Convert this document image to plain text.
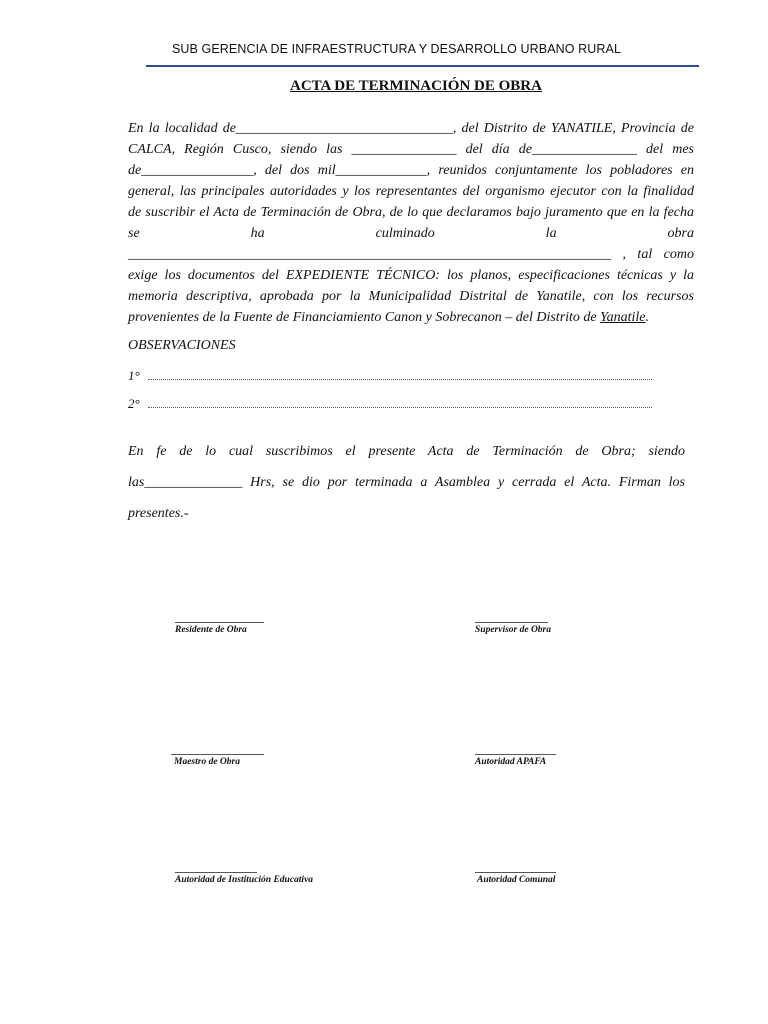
SUB GERENCIA DE INFRAESTRUCTURA Y DESARROLLO URBANO RURAL
ACTA DE TERMINACIÓN DE OBRA
En la localidad de_______________________________, del Distrito de YANATILE, Provincia de
CALCA, Región Cusco, siendo las _______________ del día de_______________ del mes
de________________, del dos mil_____________, reunidos conjuntamente los pobladores en
general, las principales autoridades y los representantes del organismo ejecutor con la finalidad
de suscribir el Acta de Terminación de Obra, de lo que declaramos bajo juramento que en la fecha
se ha culminado la obra
_____________________________________________________________________ , tal como
exige los documentos del EXPEDIENTE TÉCNICO: los planos, especificaciones técnicas y la
memoria descriptiva, aprobada por la Municipalidad Distrital de Yanatile, con los recursos
provenientes de la Fuente de Financiamiento Canon y Sobrecanon – del Distrito de Yanatile.
OBSERVACIONES
1°
2°
En fe de lo cual suscribimos el presente Acta de Terminación de Obra; siendo
las______________ Hrs, se dio por terminada a Asamblea y cerrada el Acta. Firman los
presentes.-
Residente de Obra	Supervisor de Obra
Maestro de Obra	Autoridad APAFA
Autoridad de Institución Educativa	Autoridad Comunal
